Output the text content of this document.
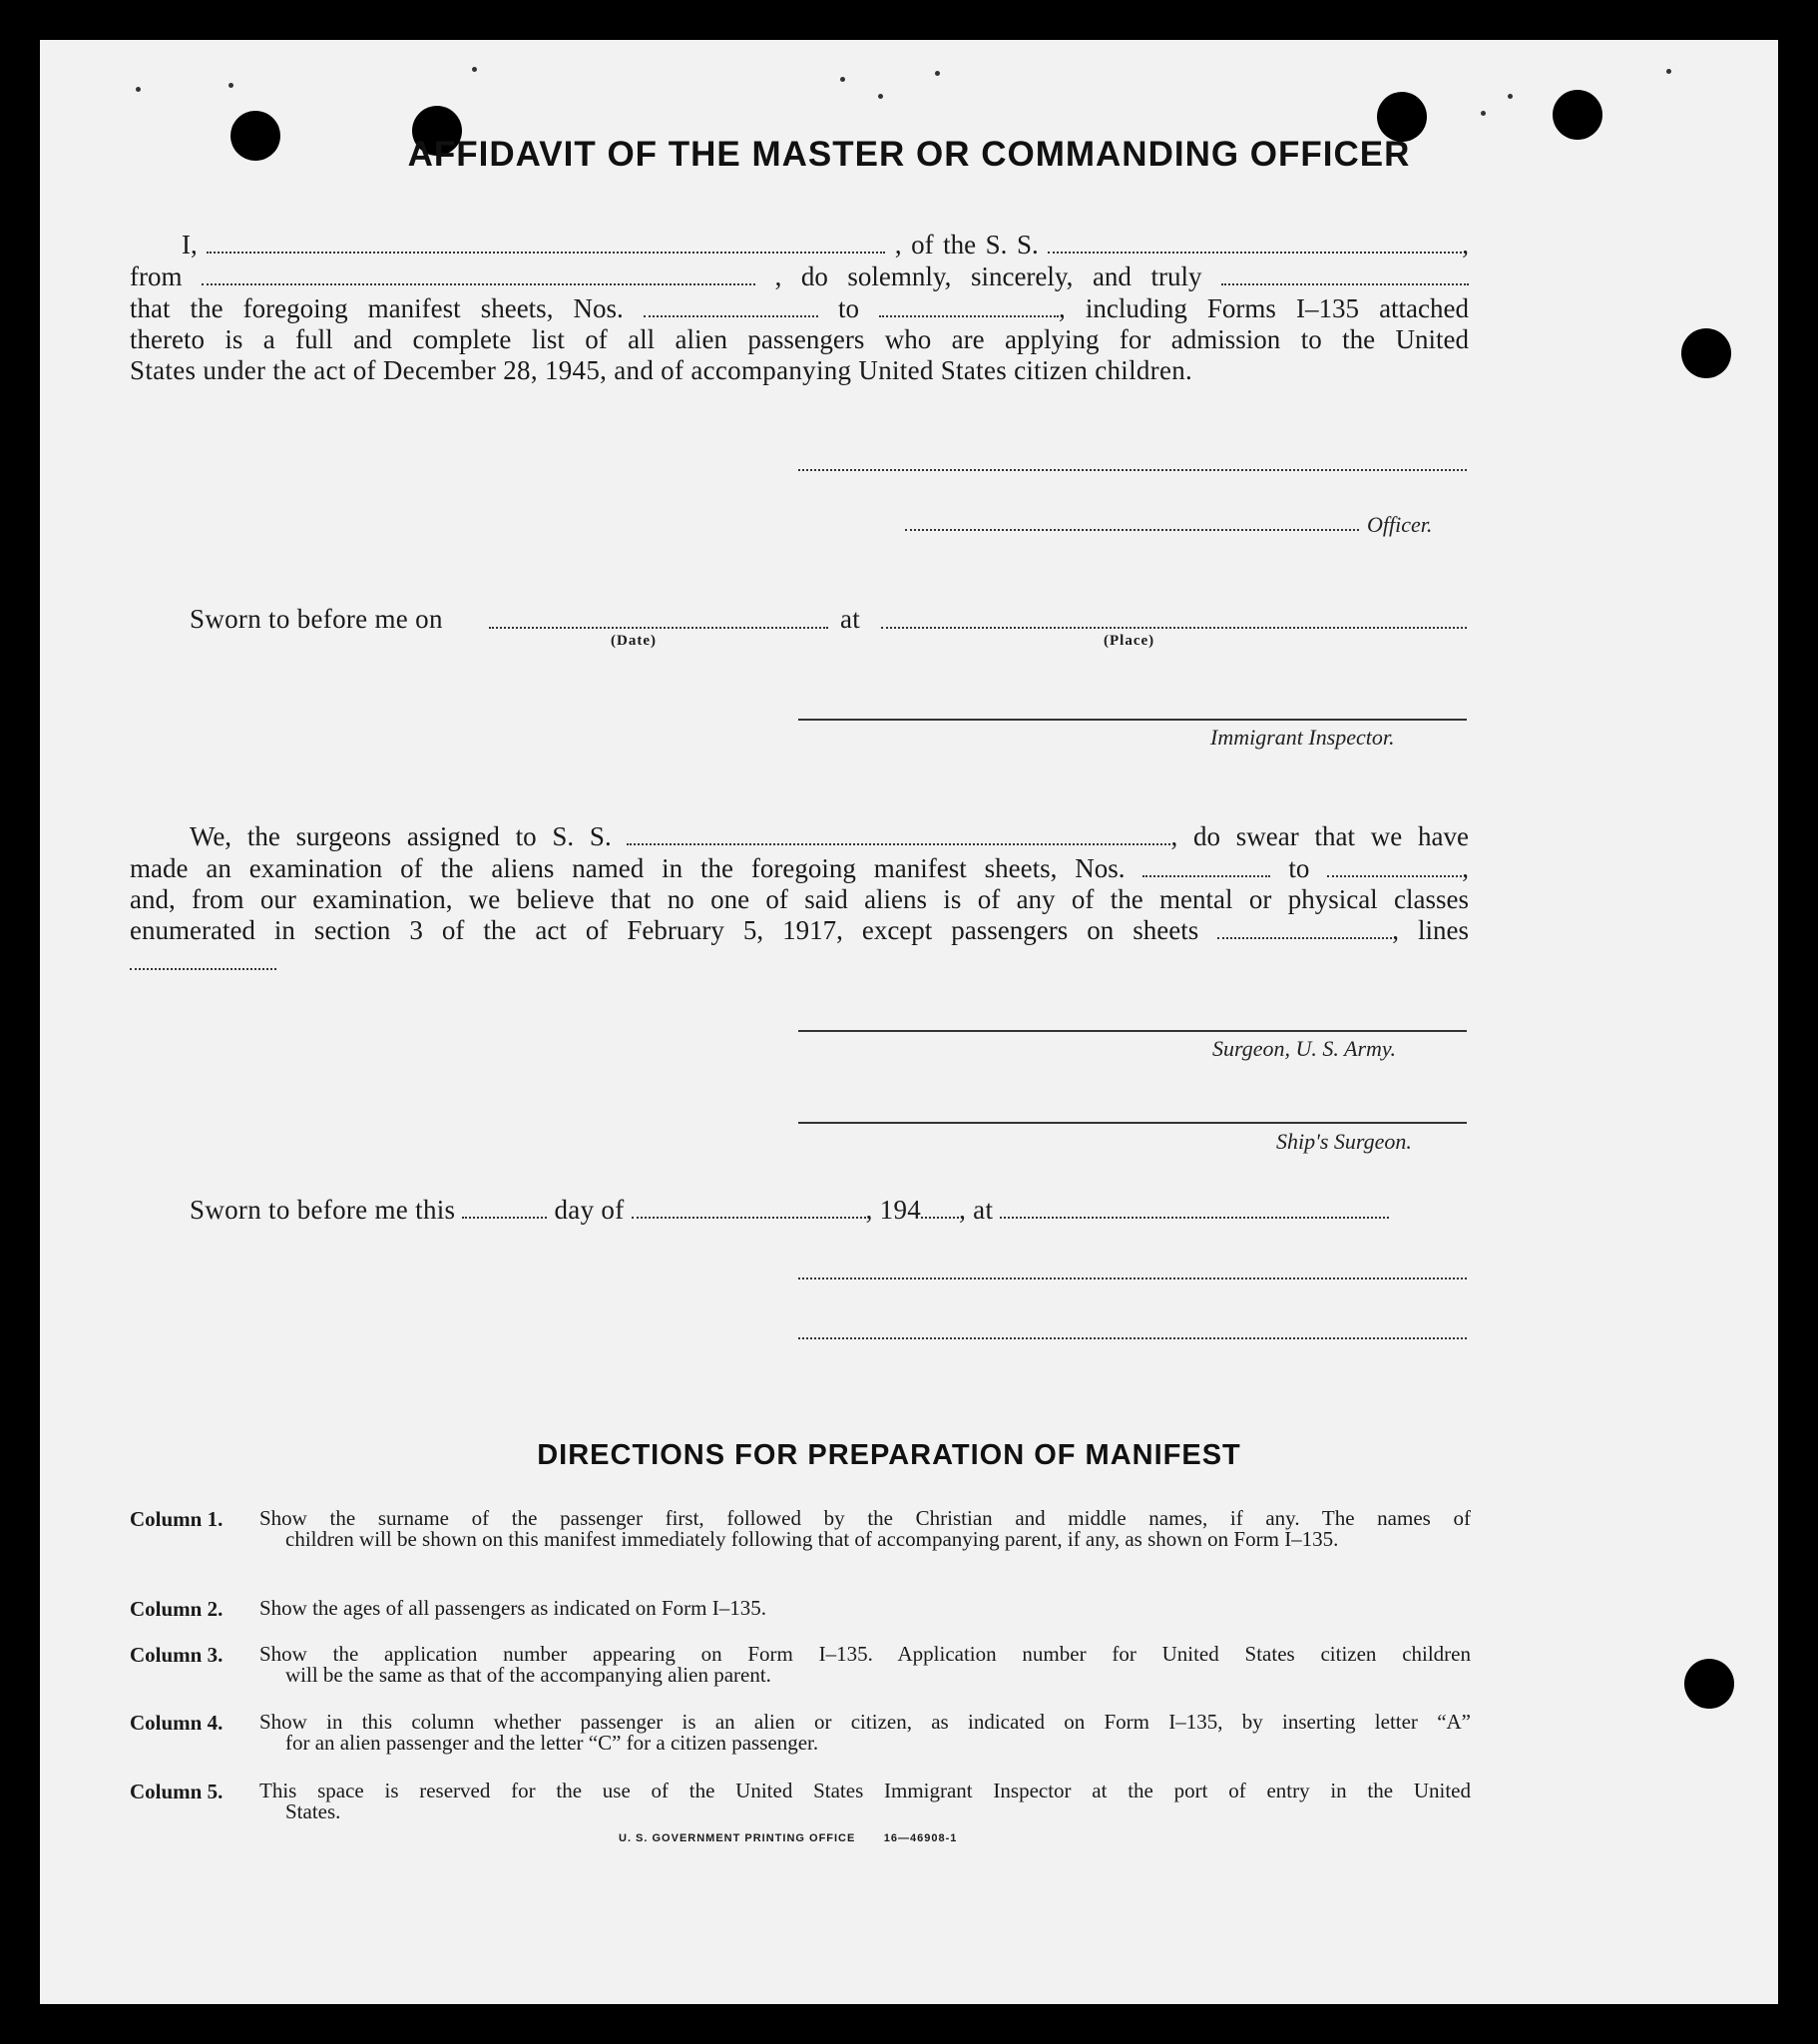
AFFIDAVIT OF THE MASTER OR COMMANDING OFFICER
I,	, of the S. S.	,
from	, do solemnly, sincerely, and truly
that the foregoing manifest sheets, Nos.	to	, including Forms I–135 attached
thereto is a full and complete list of all alien passengers who are applying for admission to the United
States under the act of December 28, 1945, and of accompanying United States citizen children.
Officer.
Sworn to before me on	at
(Date)	(Place)
Immigrant Inspector.
We, the surgeons assigned to S. S.	, do swear that we have
made an examination of the aliens named in the foregoing manifest sheets, Nos.	to	,
and, from our examination, we believe that no one of said aliens is of any of the mental or physical classes
enumerated in section 3 of the act of February 5, 1917, except passengers on sheets	, lines
Surgeon, U. S. Army.
Ship's Surgeon.
Sworn to before me this	day of	, 194 , at
DIRECTIONS FOR PREPARATION OF MANIFEST
Column 1. Show the surname of the passenger first, followed by the Christian and middle names, if any. The names of
children will be shown on this manifest immediately following that of accompanying parent, if any, as shown on Form I–135.
Column 2. Show the ages of all passengers as indicated on Form I–135.
Column 3. Show the application number appearing on Form I–135. Application number for United States citizen children
will be the same as that of the accompanying alien parent.
Column 4. Show in this column whether passenger is an alien or citizen, as indicated on Form I–135, by inserting letter “A”
for an alien passenger and the letter “C” for a citizen passenger.
Column 5. This space is reserved for the use of the United States Immigrant Inspector at the port of entry in the United
States.
U. S. GOVERNMENT PRINTING OFFICE	16—46908-1
